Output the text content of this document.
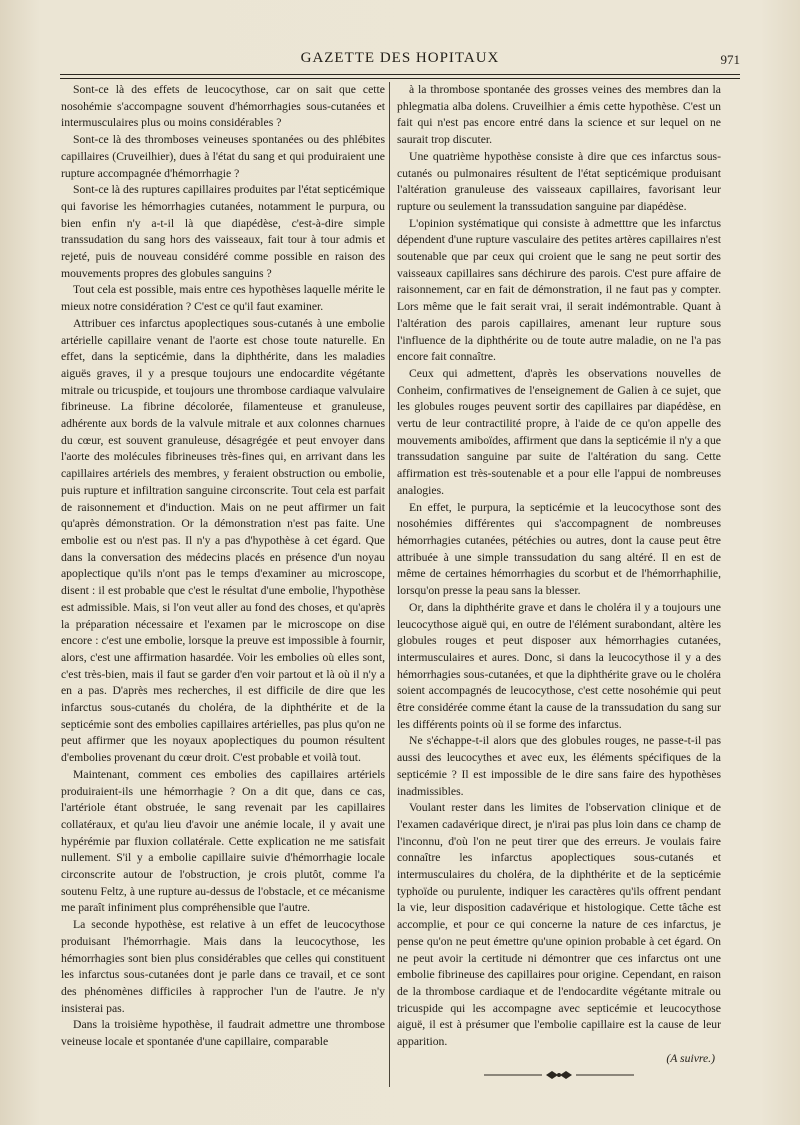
GAZETTE DES HOPITAUX	971

Sont-ce là des effets de leucocythose, car on sait que cette nosohémie s'accompagne souvent d'hémorrhagies sous-cutanées et intermusculaires plus ou moins considérables ?

Sont-ce là des thromboses veineuses spontanées ou des phlébites capillaires (Cruveilhier), dues à l'état du sang et qui produiraient une rupture accompagnée d'hémorrhagie ?

Sont-ce là des ruptures capillaires produites par l'état septicémique qui favorise les hémorrhagies cutanées, notamment le purpura, ou bien enfin n'y a-t-il là que diapédèse, c'est-à-dire simple transsudation du sang hors des vaisseaux, fait tour à tour admis et rejeté, puis de nouveau considéré comme possible en raison des mouvements propres des globules sanguins ?

Tout cela est possible, mais entre ces hypothèses laquelle mérite le mieux notre considération ? C'est ce qu'il faut examiner.

Attribuer ces infarctus apoplectiques sous-cutanés à une embolie artérielle capillaire venant de l'aorte est chose toute naturelle. En effet, dans la septicémie, dans la diphthérite, dans les maladies aiguës graves, il y a presque toujours une endocardite végétante mitrale ou tricuspide, et toujours une thrombose cardiaque valvulaire fibrineuse. La fibrine décolorée, filamenteuse et granuleuse, adhérente aux bords de la valvule mitrale et aux colonnes charnues du cœur, est souvent granuleuse, désagrégée et peut envoyer dans l'aorte des molécules fibrineuses très-fines qui, en arrivant dans les capillaires artériels des membres, y feraient obstruction ou embolie, puis rupture et infiltration sanguine circonscrite. Tout cela est parfait de raisonnement et d'induction. Mais on ne peut affirmer un fait qu'après démonstration. Or la démonstration n'est pas faite. Une embolie est ou n'est pas. Il n'y a pas d'hypothèse à cet égard. Que dans la conversation des médecins placés en présence d'un noyau apoplectique qu'ils n'ont pas le temps d'examiner au microscope, disent : il est probable que c'est le résultat d'une embolie, l'hypothèse est admissible. Mais, si l'on veut aller au fond des choses, et qu'après la préparation nécessaire et l'examen par le microscope on dise encore : c'est une embolie, lorsque la preuve est impossible à fournir, alors, c'est une affirmation hasardée. Voir les embolies où elles sont, c'est très-bien, mais il faut se garder d'en voir partout et là où il n'y a en a pas. D'après mes recherches, il est difficile de dire que les infarctus sous-cutanés du choléra, de la diphthérite et de la septicémie sont des embolies capillaires artérielles, pas plus qu'on ne peut affirmer que les noyaux apoplectiques du poumon résultent d'embolies provenant du cœur droit. C'est probable et voilà tout.

Maintenant, comment ces embolies des capillaires artériels produiraient-ils une hémorrhagie ? On a dit que, dans ce cas, l'artériole étant obstruée, le sang revenait par les capillaires collatéraux, et qu'au lieu d'avoir une anémie locale, il y avait une hypérémie par fluxion collatérale. Cette explication ne me satisfait nullement. S'il y a embolie capillaire suivie d'hémorrhagie locale circonscrite autour de l'obstruction, je crois plutôt, comme l'a soutenu Feltz, à une rupture au-dessus de l'obstacle, et ce mécanisme me paraît infiniment plus compréhensible que l'autre.

La seconde hypothèse, est relative à un effet de leucocythose produisant l'hémorrhagie. Mais dans la leucocythose, les hémorrhagies sont bien plus considérables que celles qui constituent les infarctus sous-cutanées dont je parle dans ce travail, et ce sont des phénomènes difficiles à rapprocher l'un de l'autre. Je n'y insisterai pas.

Dans la troisième hypothèse, il faudrait admettre une thrombose veineuse locale et spontanée d'une capillaire, comparable

à la thrombose spontanée des grosses veines des membres dan la phlegmatia alba dolens. Cruveilhier a émis cette hypothèse. C'est un fait qui n'est pas encore entré dans la science et sur lequel on ne saurait trop discuter.

Une quatrième hypothèse consiste à dire que ces infarctus sous-cutanés ou pulmonaires résultent de l'état septicémique produisant l'altération granuleuse des vaisseaux capillaires, favorisant leur rupture ou seulement la transsudation sanguine par diapédèse.

L'opinion systématique qui consiste à admetttre que les infarctus dépendent d'une rupture vasculaire des petites artères capillaires n'est soutenable que par ceux qui croient que le sang ne peut sortir des vaisseaux capillaires sans déchirure des parois. C'est pure affaire de raisonnement, car en fait de démonstration, il ne faut pas y compter. Lors même que le fait serait vrai, il serait indémontrable. Quant à l'altération des parois capillaires, amenant leur rupture sous l'influence de la diphthérite ou de toute autre maladie, on ne l'a pas encore fait connaître.

Ceux qui admettent, d'après les observations nouvelles de Conheim, confirmatives de l'enseignement de Galien à ce sujet, que les globules rouges peuvent sortir des capillaires par diapédèse, en vertu de leur contractilité propre, à l'aide de ce qu'on appelle des mouvements amiboïdes, affirment que dans la septicémie il n'y a que transsudation sanguine par suite de l'altération du sang. Cette affirmation est très-soutenable et a pour elle l'appui de nombreuses analogies.

En effet, le purpura, la septicémie et la leucocythose sont des nosohémies différentes qui s'accompagnent de nombreuses hémorrhagies cutanées, pétéchies ou autres, dont la cause peut être attribuée à une simple transsudation du sang altéré. Il en est de même de certaines hémorrhagies du scorbut et de l'hémorrhaphilie, lorsqu'on presse la peau sans la blesser.

Or, dans la diphthérite grave et dans le choléra il y a toujours une leucocythose aiguë qui, en outre de l'élément surabondant, altère les globules rouges et peut disposer aux hémorrhagies cutanées, intermusculaires et aures. Donc, si dans la leucocythose il y a des hémorrhagies sous-cutanées, et que la diphthérite grave ou le choléra soient accompagnés de leucocythose, c'est cette nosohémie qui peut être considérée comme étant la cause de la transsudation du sang sur les différents points où il se forme des infarctus.

Ne s'échappe-t-il alors que des globules rouges, ne passe-t-il pas aussi des leucocythes et avec eux, les éléments spécifiques de la septicémie ? Il est impossible de le dire sans faire des hypothèses inadmissibles.

Voulant rester dans les limites de l'observation clinique et de l'examen cadavérique direct, je n'irai pas plus loin dans ce champ de l'inconnu, d'où l'on ne peut tirer que des erreurs. Je voulais faire connaître les infarctus apoplectiques sous-cutanés et intermusculaires du choléra, de la diphthérite et de la septicémie typhoïde ou purulente, indiquer les caractères qu'ils offrent pendant la vie, leur disposition cadavérique et histologique. Cette tâche est accomplie, et pour ce qui concerne la nature de ces infarctus, je pense qu'on ne peut émettre qu'une opinion probable à cet égard. On ne peut avoir la certitude ni démontrer que ces infarctus ont une embolie fibrineuse des capillaires pour origine. Cependant, en raison de la thrombose cardiaque et de l'endocardite végétante mitrale ou tricuspide qui les accompagne avec septicémie et leucocythose aiguë, il est à présumer que l'embolie capillaire est la cause de leur apparition.

(A suivre.)
